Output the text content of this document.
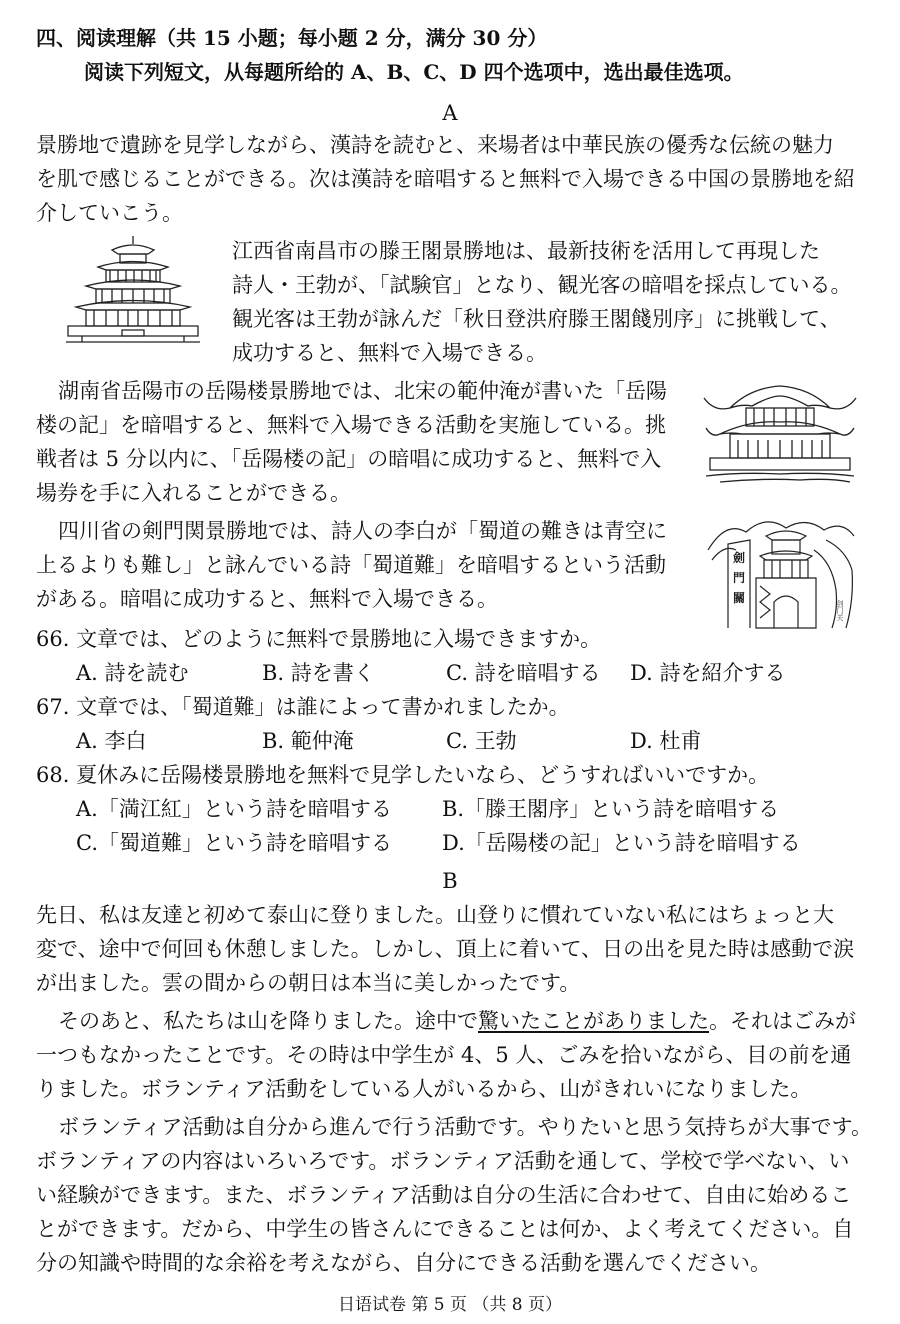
四、阅读理解（共 15 小题；每小题 2 分，满分 30 分）
阅读下列短文，从每题所给的 A、B、C、D 四个选项中，选出最佳选项。
A
景勝地で遺跡を見学しながら、漢詩を読むと、来場者は中華民族の優秀な伝統の魅力
を肌で感じることができる。次は漢詩を暗唱すると無料で入場できる中国の景勝地を紹
介していこう。
江西省南昌市の滕王閣景勝地は、最新技術を活用して再現した
詩人・王勃が、「試験官」となり、観光客の暗唱を採点している。
観光客は王勃が詠んだ「秋日登洪府滕王閣餞別序」に挑戦して、
成功すると、無料で入場できる。
湖南省岳陽市の岳陽楼景勝地では、北宋の範仲淹が書いた「岳陽
楼の記」を暗唱すると、無料で入場できる活動を実施している。挑
戦者は 5 分以内に、「岳陽楼の記」の暗唱に成功すると、無料で入
場券を手に入れることができる。
四川省の剣門関景勝地では、詩人の李白が「蜀道の難きは青空に
上るよりも難し」と詠んでいる詩「蜀道難」を暗唱するという活動
がある。暗唱に成功すると、無料で入場できる。
劍
門
關
剑门关
66. 文章では、どのように無料で景勝地に入場できますか。
A. 詩を読む	B. 詩を書く	C. 詩を暗唱する D. 詩を紹介する
67. 文章では、「蜀道難」は誰によって書かれましたか。
A. 李白	B. 範仲淹	C. 王勃	D. 杜甫
68. 夏休みに岳陽楼景勝地を無料で見学したいなら、どうすればいいですか。
A.「満江紅」という詩を暗唱する B.「滕王閣序」という詩を暗唱する
C.「蜀道難」という詩を暗唱する D.「岳陽楼の記」という詩を暗唱する
B
先日、私は友達と初めて泰山に登りました。山登りに慣れていない私にはちょっと大
変で、途中で何回も休憩しました。しかし、頂上に着いて、日の出を見た時は感動で涙
が出ました。雲の間からの朝日は本当に美しかったです。
そのあと、私たちは山を降りました。途中で驚いたことがありました。それはごみが
一つもなかったことです。その時は中学生が 4、5 人、ごみを拾いながら、目の前を通
りました。ボランティア活動をしている人がいるから、山がきれいになりました。
ボランティア活動は自分から進んで行う活動です。やりたいと思う気持ちが大事です。
ボランティアの内容はいろいろです。ボランティア活動を通して、学校で学べない、い
い経験ができます。また、ボランティア活動は自分の生活に合わせて、自由に始めるこ
とができます。だから、中学生の皆さんにできることは何か、よく考えてください。自
分の知識や時間的な余裕を考えながら、自分にできる活動を選んでください。
日语试卷 第 5 页 （共 8 页）
